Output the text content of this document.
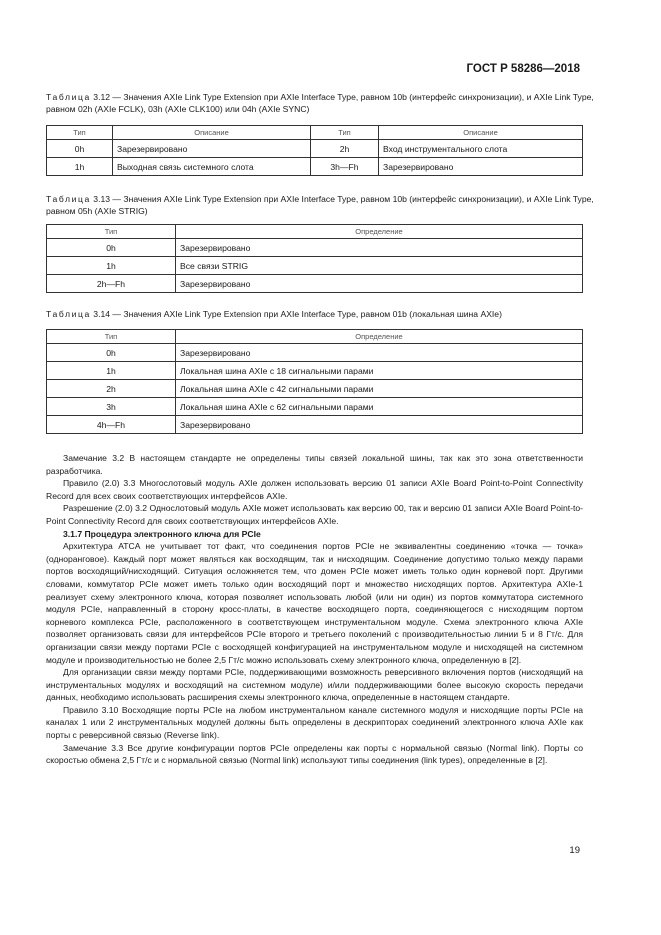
ГОСТ Р 58286—2018
Таблица 3.12 — Значения AXIe Link Type Extension при AXIe Interface Type, равном 10b (интерфейс синхронизации), и AXIe Link Type, равном 02h (AXIe FCLK), 03h (AXIe CLK100) или 04h (AXIe SYNC)
Тип	Описание	Тип	Описание
0h	Зарезервировано	2h	Вход инструментального слота
1h	Выходная связь системного слота	3h—Fh	Зарезервировано
Таблица 3.13 — Значения AXIe Link Type Extension при AXIe Interface Type, равном 10b (интерфейс синхронизации), и AXIe Link Type, равном 05h (AXIe STRIG)
Тип	Определение
0h	Зарезервировано
1h	Все связи STRIG
2h—Fh	Зарезервировано
Таблица 3.14 — Значения AXIe Link Type Extension при AXIe Interface Type, равном 01b (локальная шина AXIe)
Тип	Определение
0h	Зарезервировано
1h	Локальная шина AXIe с 18 сигнальными парами
2h	Локальная шина AXIe с 42 сигнальными парами
3h	Локальная шина AXIe с 62 сигнальными парами
4h—Fh	Зарезервировано

Замечание 3.2 В настоящем стандарте не определены типы связей локальной шины, так как это зона ответственности разработчика.

Правило (2.0) 3.3 Многослотовый модуль AXIe должен использовать версию 01 записи AXIe Board Point-to-Point Connectivity Record для всех своих соответствующих интерфейсов AXIe.

Разрешение (2.0) 3.2 Однослотовый модуль AXIe может использовать как версию 00, так и версию 01 записи AXIe Board Point-to-Point Connectivity Record для своих соответствующих интерфейсов AXIe.

3.1.7 Процедура электронного ключа для PCIe

Архитектура ATCA не учитывает тот факт, что соединения портов PCIe не эквивалентны соединению «точка — точка» (одноранговое). Каждый порт может являться как восходящим, так и нисходящим. Соединение допустимо только между парами портов восходящий/нисходящий. Ситуация осложняется тем, что домен PCIe может иметь только один корневой порт. Другими словами, коммутатор PCIe может иметь только один восходящий порт и множество нисходящих портов. Архитектура AXIe-1 реализует схему электронного ключа, которая позволяет использовать любой (или ни один) из портов коммутатора системного модуля PCIe, направленный в сторону кросс-платы, в качестве восходящего порта, соединяющегося с нисходящим портом корневого комплекса PCIe, расположенного в соответствующем инструментальном модуле. Схема электронного ключа AXIe позволяет организовать связи для интерфейсов PCIe второго и третьего поколений с производительностью линии 5 и 8 Гт/с. Для организации связи между портами PCIe с восходящей конфигурацией на инструментальном модуле и нисходящей на системном модуле и производительностью не более 2,5 Гт/с можно использовать схему электронного ключа, определенную в [2].

Для организации связи между портами PCIe, поддерживающими возможность реверсивного включения портов (нисходящий на инструментальных модулях и восходящий на системном модуле) и/или поддерживающими более высокую скорость передачи данных, необходимо использовать расширения схемы электронного ключа, определенные в настоящем стандарте.

Правило 3.10 Восходящие порты PCIe на любом инструментальном канале системного модуля и нисходящие порты PCIe на каналах 1 или 2 инструментальных модулей должны быть определены в дескрипторах соединений электронного ключа AXIe как порты с реверсивной связью (Reverse link).

Замечание 3.3 Все другие конфигурации портов PCIe определены как порты с нормальной связью (Normal link). Порты со скоростью обмена 2,5 Гт/с и с нормальной связью (Normal link) используют типы соединения (link types), определенные в [2].

19
